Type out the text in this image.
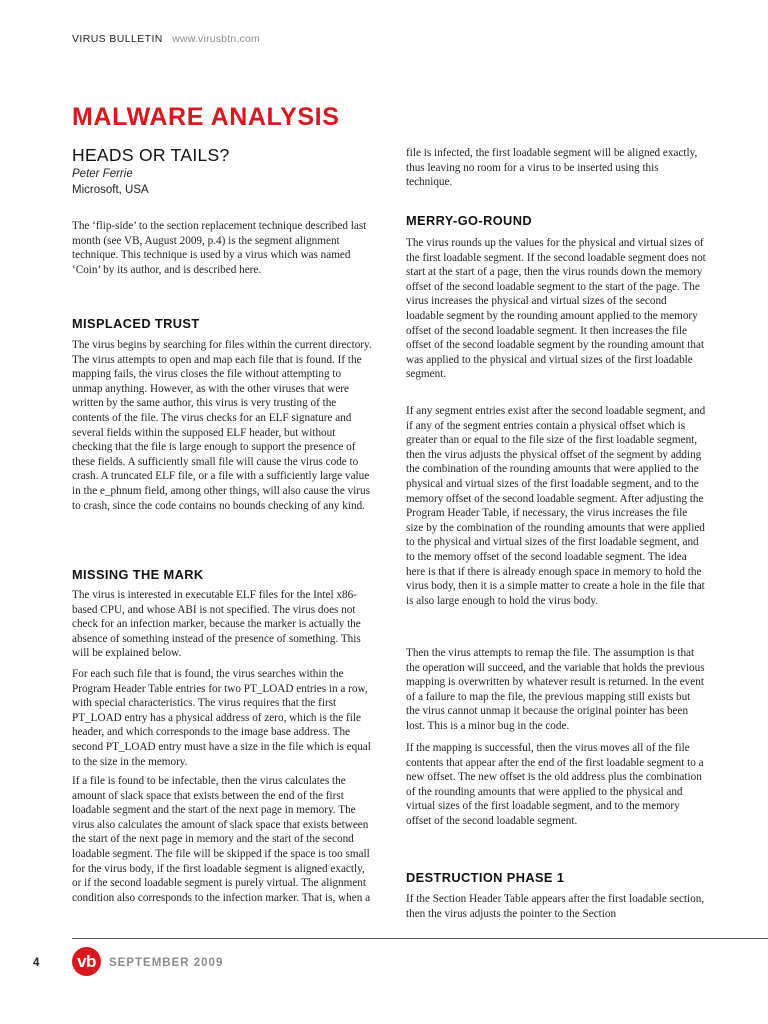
VIRUS BULLETIN www.virusbtn.com
MALWARE ANALYSIS
HEADS OR TAILS?
Peter Ferrie
Microsoft, USA

The ‘flip-side’ to the section replacement technique described last month (see VB, August 2009, p.4) is the segment alignment technique. This technique is used by a virus which was named ‘Coin’ by its author, and is described here.

MISPLACED TRUST

The virus begins by searching for files within the current directory. The virus attempts to open and map each file that is found. If the mapping fails, the virus closes the file without attempting to unmap anything. However, as with the other viruses that were written by the same author, this virus is very trusting of the contents of the file. The virus checks for an ELF signature and several fields within the supposed ELF header, but without checking that the file is large enough to support the presence of these fields. A sufficiently small file will cause the virus code to crash. A truncated ELF file, or a file with a sufficiently large value in the e_phnum field, among other things, will also cause the virus to crash, since the code contains no bounds checking of any kind.

MISSING THE MARK

The virus is interested in executable ELF files for the Intel x86-based CPU, and whose ABI is not specified. The virus does not check for an infection marker, because the marker is actually the absence of something instead of the presence of something. This will be explained below.

For each such file that is found, the virus searches within the Program Header Table entries for two PT_LOAD entries in a row, with special characteristics. The virus requires that the first PT_LOAD entry has a physical address of zero, which is the file header, and which corresponds to the image base address. The second PT_LOAD entry must have a size in the file which is equal to the size in the memory.

If a file is found to be infectable, then the virus calculates the amount of slack space that exists between the end of the first loadable segment and the start of the next page in memory. The virus also calculates the amount of slack space that exists between the start of the next page in memory and the start of the second loadable segment. The file will be skipped if the space is too small for the virus body, if the first loadable segment is aligned exactly, or if the second loadable segment is purely virtual. The alignment condition also corresponds to the infection marker. That is, when a

file is infected, the first loadable segment will be aligned exactly, thus leaving no room for a virus to be inserted using this technique.

MERRY-GO-ROUND

The virus rounds up the values for the physical and virtual sizes of the first loadable segment. If the second loadable segment does not start at the start of a page, then the virus rounds down the memory offset of the second loadable segment to the start of the page. The virus increases the physical and virtual sizes of the second loadable segment by the rounding amount applied to the memory offset of the second loadable segment. It then increases the file offset of the second loadable segment by the rounding amount that was applied to the physical and virtual sizes of the first loadable segment.

If any segment entries exist after the second loadable segment, and if any of the segment entries contain a physical offset which is greater than or equal to the file size of the first loadable segment, then the virus adjusts the physical offset of the segment by adding the combination of the rounding amounts that were applied to the physical and virtual sizes of the first loadable segment, and to the memory offset of the second loadable segment. After adjusting the Program Header Table, if necessary, the virus increases the file size by the combination of the rounding amounts that were applied to the physical and virtual sizes of the first loadable segment, and to the memory offset of the second loadable segment. The idea here is that if there is already enough space in memory to hold the virus body, then it is a simple matter to create a hole in the file that is also large enough to hold the virus body.

Then the virus attempts to remap the file. The assumption is that the operation will succeed, and the variable that holds the previous mapping is overwritten by whatever result is returned. In the event of a failure to map the file, the previous mapping still exists but the virus cannot unmap it because the original pointer has been lost. This is a minor bug in the code.

If the mapping is successful, then the virus moves all of the file contents that appear after the end of the first loadable segment to a new offset. The new offset is the old address plus the combination of the rounding amounts that were applied to the physical and virtual sizes of the first loadable segment, and to the memory offset of the second loadable segment.

DESTRUCTION PHASE 1

If the Section Header Table appears after the first loadable section, then the virus adjusts the pointer to the Section

4 vb	SEPTEMBER 2009
